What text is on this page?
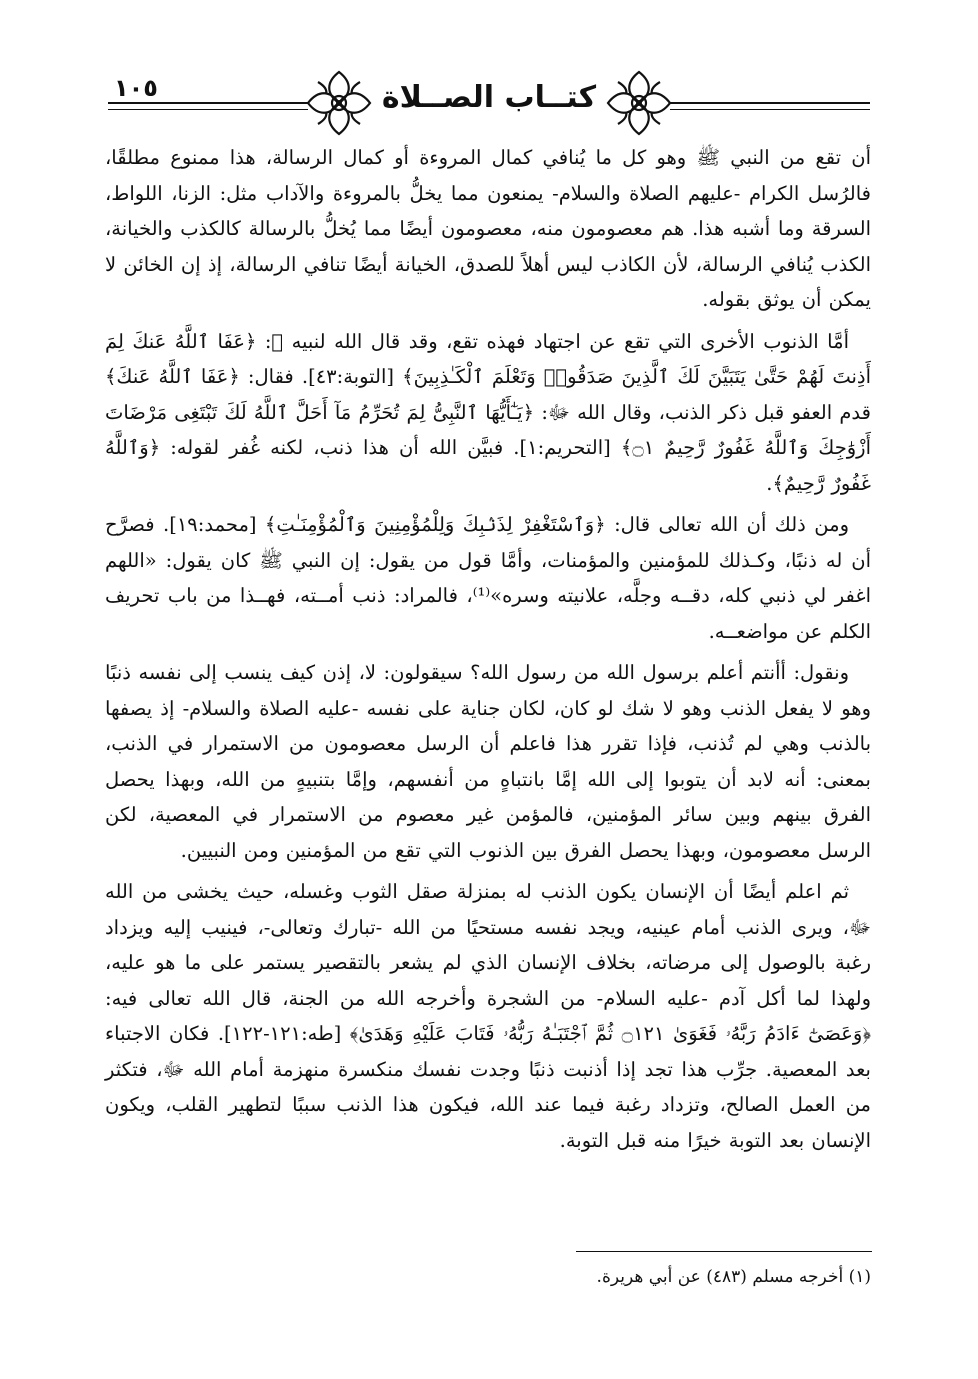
١٠٥	كتــاب الصــلاة

أن تقع من النبي ﷺ وهو كل ما يُنافي كمال المروءة أو كمال الرسالة، هذا ممنوع مطلقًا، فالرُسل الكرام -عليهم الصلاة والسلام- يمنعون مما يخلُّ بالمروءة والآداب مثل: الزنا، اللواط، السرقة وما أشبه هذا. هم معصومون منه، معصومون أيضًا مما يُخلُّ بالرسالة كالكذب والخيانة، الكذب يُنافي الرسالة، لأن الكاذب ليس أهلاً للصدق، الخيانة أيضًا تنافي الرسالة، إذ إن الخائن لا يمكن أن يوثق بقوله.

أمَّا الذنوب الأخرى التي تقع عن اجتهاد فهذه تقع، وقد قال الله لنبيه ﷺ: ﴿عَفَا ٱللَّهُ عَنكَ لِمَ أَذِنتَ لَهُمْ حَتَّىٰ يَتَبَيَّنَ لَكَ ٱلَّذِينَ صَدَقُوا۟ وَتَعْلَمَ ٱلْكَـٰذِبِينَ﴾ [التوبة:٤٣]. فقال: ﴿عَفَا ٱللَّهُ عَنكَ﴾ قدم العفو قبل ذكر الذنب، وقال الله ﷻ: ﴿يَـٰٓأَيُّهَا ٱلنَّبِىُّ لِمَ تُحَرِّمُ مَآ أَحَلَّ ٱللَّهُ لَكَ تَبْتَغِى مَرْضَاتَ أَزْوَٰجِكَ وَٱللَّهُ غَفُورٌ رَّحِيمٌ ۝١﴾ [التحريم:١]. فبيَّن الله أن هذا ذنب، لكنه غُفر لقوله: ﴿وَٱللَّهُ غَفُورٌ رَّحِيمٌ﴾.

ومن ذلك أن الله تعالى قال: ﴿وَٱسْتَغْفِرْ لِذَنۢبِكَ وَلِلْمُؤْمِنِينَ وَٱلْمُؤْمِنَـٰتِ﴾ [محمد:١٩]. فصرَّح أن له ذنبًا، وكـذلك للمؤمنين والمؤمنات، وأمَّا قول من يقول: إن النبي ﷺ كان يقول: «اللهم اغفر لي ذنبي كله، دقــه وجلَّه، علانيته وسره»⁽¹⁾، فالمراد: ذنب أمــته، فهــذا من باب تحريف الكلم عن مواضعــه.

ونقول: أأنتم أعلم برسول الله من رسول الله؟ سيقولون: لا، إذن كيف ينسب إلى نفسه ذنبًا وهو لا يفعل الذنب وهو لا شك لو كان، لكان جناية على نفسه -عليه الصلاة والسلام- إذ يصفها بالذنب وهي لم تُذنب، فإذا تقرر هذا فاعلم أن الرسل معصومون من الاستمرار في الذنب، بمعنى: أنه لابد أن يتوبوا إلى الله إمَّا بانتباهٍ من أنفسهم، وإمَّا بتنبيهٍ من الله، وبهذا يحصل الفرق بينهم وبين سائر المؤمنين، فالمؤمن غير معصوم من الاستمرار في المعصية، لكن الرسل معصومون، وبهذا يحصل الفرق بين الذنوب التي تقع من المؤمنين ومن النبيين.

ثم اعلم أيضًا أن الإنسان يكون الذنب له بمنزلة صقل الثوب وغسله، حيث يخشى من الله ﷻ، ويرى الذنب أمام عينيه، ويجد نفسه مستحيًا من الله -تبارك وتعالى-، فينيب إليه ويزداد رغبة بالوصول إلى مرضاته، بخلاف الإنسان الذي لم يشعر بالتقصير يستمر على ما هو عليه، ولهذا لما أكل آدم -عليه السلام- من الشجرة وأخرجه الله من الجنة، قال الله تعالى فيه: ﴿وَعَصَىٰٓ ءَادَمُ رَبَّهُۥ فَغَوَىٰ ۝١٢١ ثُمَّ ٱجْتَبَـٰهُ رَبُّهُۥ فَتَابَ عَلَيْهِ وَهَدَىٰ﴾ [طه:١٢١-١٢٢]. فكان الاجتباء بعد المعصية. جرِّب هذا تجد إذا أذنبت ذنبًا وجدت نفسك منكسرة منهزمة أمام الله ﷻ، فتكثر من العمل الصالح، وتزداد رغبة فيما عند الله، فيكون هذا الذنب سببًا لتطهير القلب، ويكون الإنسان بعد التوبة خيرًا منه قبل التوبة.

(١) أخرجه مسلم (٤٨٣) عن أبي هريرة.
